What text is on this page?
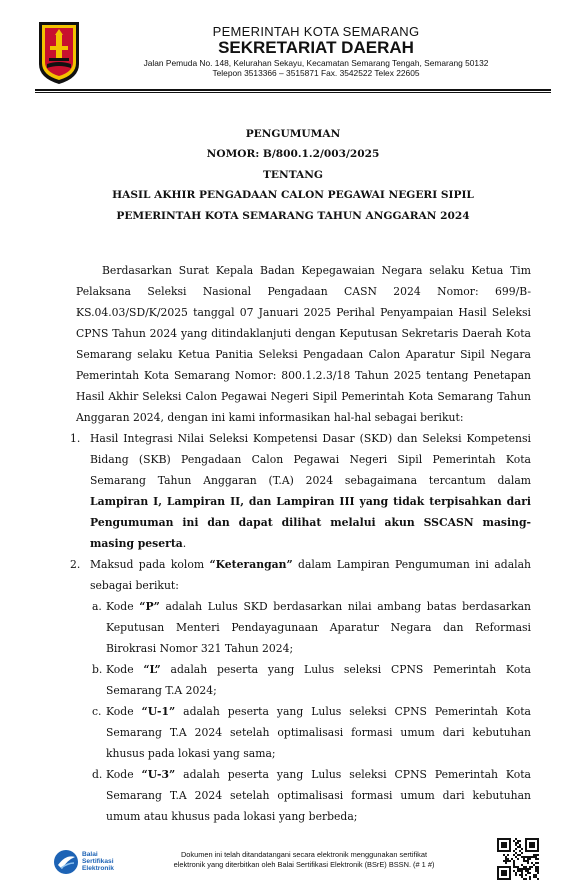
PEMERINTAH KOTA SEMARANG
SEKRETARIAT DAERAH
Jalan Pemuda No. 148, Kelurahan Sekayu, Kecamatan Semarang Tengah, Semarang 50132
Telepon 3513366 – 3515871 Fax. 3542522 Telex 22605
PENGUMUMAN
NOMOR: B/800.1.2/003/2025
TENTANG
HASIL AKHIR PENGADAAN CALON PEGAWAI NEGERI SIPIL
PEMERINTAH KOTA SEMARANG TAHUN ANGGARAN 2024

Berdasarkan Surat Kepala Badan Kepegawaian Negara selaku Ketua Tim Pelaksana Seleksi Nasional Pengadaan CASN 2024 Nomor: 699/B-KS.04.03/SD/K/2025 tanggal 07 Januari 2025 Perihal Penyampaian Hasil Seleksi CPNS Tahun 2024 yang ditindaklanjuti dengan Keputusan Sekretaris Daerah Kota Semarang selaku Ketua Panitia Seleksi Pengadaan Calon Aparatur Sipil Negara Pemerintah Kota Semarang Nomor: 800.1.2.3/18 Tahun 2025 tentang Penetapan Hasil Akhir Seleksi Calon Pegawai Negeri Sipil Pemerintah Kota Semarang Tahun Anggaran 2024, dengan ini kami informasikan hal-hal sebagai berikut:

1. Hasil Integrasi Nilai Seleksi Kompetensi Dasar (SKD) dan Seleksi Kompetensi Bidang (SKB) Pengadaan Calon Pegawai Negeri Sipil Pemerintah Kota Semarang Tahun Anggaran (T.A) 2024 sebagaimana tercantum dalam Lampiran I, Lampiran II, dan Lampiran III yang tidak terpisahkan dari Pengumuman ini dan dapat dilihat melalui akun SSCASN masing-masing peserta.
2. Maksud pada kolom “Keterangan” dalam Lampiran Pengumuman ini adalah sebagai berikut:
a. Kode “P” adalah Lulus SKD berdasarkan nilai ambang batas berdasarkan Keputusan Menteri Pendayagunaan Aparatur Negara dan Reformasi Birokrasi Nomor 321 Tahun 2024;
b. Kode “L” adalah peserta yang Lulus seleksi CPNS Pemerintah Kota Semarang T.A 2024;
c. Kode “U-1” adalah peserta yang Lulus seleksi CPNS Pemerintah Kota Semarang T.A 2024 setelah optimalisasi formasi umum dari kebutuhan khusus pada lokasi yang sama;
d. Kode “U-3” adalah peserta yang Lulus seleksi CPNS Pemerintah Kota Semarang T.A 2024 setelah optimalisasi formasi umum dari kebutuhan umum atau khusus pada lokasi yang berbeda;
Balai
Sertifikasi
Elektronik
Dokumen ini telah ditandatangani secara elektronik menggunakan sertifikat
elektronik yang diterbitkan oleh Balai Sertifikasi Elektronik (BSrE) BSSN. (# 1 #)
